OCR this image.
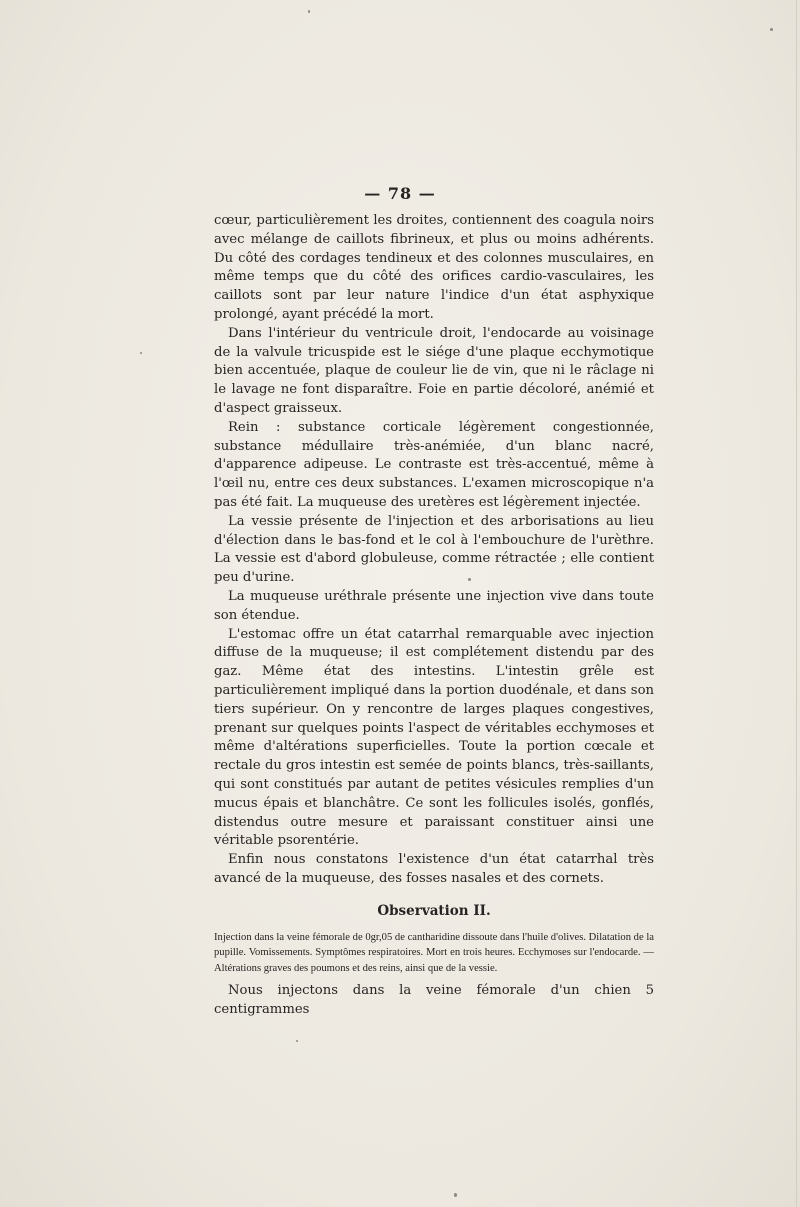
— 78 —

cœur, particulièrement les droites, contiennent des coagula noirs avec mélange de caillots fibrineux, et plus ou moins adhérents. Du côté des cordages tendineux et des colonnes musculaires, en même temps que du côté des orifices cardio-vasculaires, les caillots sont par leur nature l'indice d'un état asphyxique prolongé, ayant précédé la mort.

Dans l'intérieur du ventricule droit, l'endocarde au voisinage de la valvule tricuspide est le siége d'une plaque ecchymotique bien accentuée, plaque de couleur lie de vin, que ni le râclage ni le lavage ne font disparaître. Foie en partie décoloré, anémié et d'aspect graisseux.

Rein : substance corticale légèrement congestionnée, substance médullaire très-anémiée, d'un blanc nacré, d'apparence adipeuse. Le contraste est très-accentué, même à l'œil nu, entre ces deux substances. L'examen microscopique n'a pas été fait. La muqueuse des uretères est légèrement injectée.

La vessie présente de l'injection et des arborisations au lieu d'élection dans le bas-fond et le col à l'embouchure de l'urèthre. La vessie est d'abord globuleuse, comme rétractée ; elle contient peu d'urine.

La muqueuse uréthrale présente une injection vive dans toute son étendue.

L'estomac offre un état catarrhal remarquable avec injection diffuse de la muqueuse; il est complétement distendu par des gaz. Même état des intestins. L'intestin grêle est particulièrement impliqué dans la portion duodénale, et dans son tiers supérieur. On y rencontre de larges plaques congestives, prenant sur quelques points l'aspect de véritables ecchymoses et même d'altérations superficielles. Toute la portion cœcale et rectale du gros intestin est semée de points blancs, très-saillants, qui sont constitués par autant de petites vésicules remplies d'un mucus épais et blanchâtre. Ce sont les follicules isolés, gonflés, distendus outre mesure et paraissant constituer ainsi une véritable psorentérie.

Enfin nous constatons l'existence d'un état catarrhal très avancé de la muqueuse, des fosses nasales et des cornets.

Observation II.

Injection dans la veine fémorale de 0gr,05 de cantharidine dissoute dans l'huile d'olives. Dilatation de la pupille. Vomissements. Symptômes respiratoires. Mort en trois heures. Ecchymoses sur l'endocarde. — Altérations graves des poumons et des reins, ainsi que de la vessie.

Nous injectons dans la veine fémorale d'un chien 5 centigrammes
